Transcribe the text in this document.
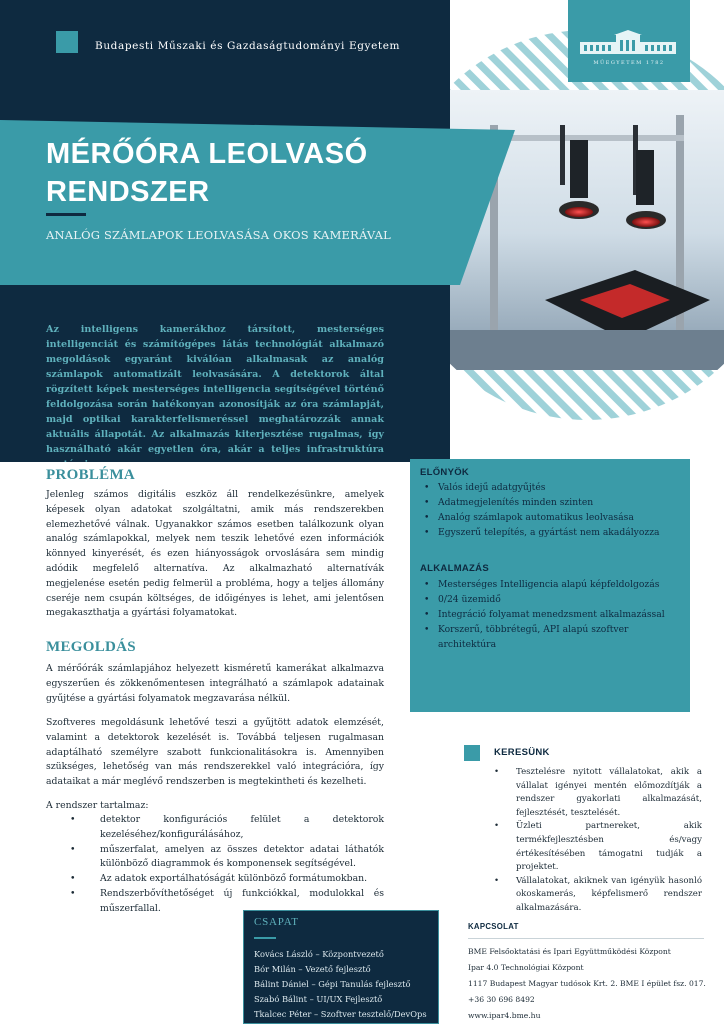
Budapesti Műszaki és Gazdaságtudományi Egyetem
MŰEGYETEM 1782
MÉRŐÓRA LEOLVASÓ
RENDSZER
ANALÓG SZÁMLAPOK LEOLVASÁSA OKOS KAMERÁVAL
Az intelligens kamerákhoz társított, mesterséges intelligenciát és számítógépes látás technológiát alkalmazó megoldások egyaránt kiválóan alkalmasak az analóg számlapok automatizált leolvasására. A detektorok által rögzített képek mesterséges intelligencia segítségével történő feldolgozása során hatékonyan azonosítják az óra számlapját, majd optikai karakterfelismeréssel meghatározzák annak aktuális állapotát. Az alkalmazás kiterjesztése rugalmas, így használható akár egyetlen óra, akár a teljes infrastruktúra
PROBLÉMA
Jelenleg számos digitális eszköz áll rendelkezésünkre, amelyek képesek olyan adatokat szolgáltatni, amik más rendszerekben elemezhetővé válnak. Ugyanakkor számos esetben találkozunk olyan analóg számlapokkal, melyek nem teszik lehetővé ezen információk könnyed kinyerését, és ezen hiányosságok orvoslására sem mindig adódik megfelelő alternatíva. Az alkalmazható alternatívák megjelenése esetén pedig felmerül a probléma, hogy a teljes állomány cseréje nem csupán költséges, de időigényes is lehet, ami jelentősen megakaszthatja a gyártási folyamatokat.
MEGOLDÁS
A mérőórák számlapjához helyezett kisméretű kamerákat alkalmazva egyszerűen és zökkenőmentesen integrálható a számlapok adatainak gyűjtése a gyártási folyamatok megzavarása nélkül.
Szoftveres megoldásunk lehetővé teszi a gyűjtött adatok elemzését, valamint a detektorok kezelését is. Továbbá teljesen rugalmasan adaptálható személyre szabott funkcionalitásokra is. Amennyiben szükséges, lehetőség van más rendszerekkel való integrációra, így adataikat a már meglévő rendszerben is megtekintheti és kezelheti.
A rendszer tartalmaz:
• detektor konfigurációs felület a detektorok kezeléséhez/konfigurálásához,
• műszerfalat, amelyen az összes detektor adatai láthatók különböző diagrammok és komponensek segítségével.
• Az adatok exportálhatóságát különböző formátumokban.
• Rendszerbővíthetőséget új funkciókkal, modulokkal és műszerfallal.
CSAPAT
Kovács László – Központvezető
Bór Milán – Vezető fejlesztő
Bálint Dániel – Gépi Tanulás fejlesztő
Szabó Bálint – UI/UX Fejlesztő
Tkalcec Péter – Szoftver tesztelő/DevOps
ELŐNYÖK
• Valós idejű adatgyűjtés
• Adatmegjelenítés minden szinten
• Analóg számlapok automatikus leolvasása
• Egyszerű telepítés, a gyártást nem akadályozza
ALKALMAZÁS
• Mesterséges Intelligencia alapú képfeldolgozás
• 0/24 üzemidő
• Integráció folyamat menedzsment alkalmazással
• Korszerű, többrétegű, API alapú szoftver architektúra
KERESÜNK
• Tesztelésre nyitott vállalatokat, akik a vállalat igényei mentén előmozdítják a rendszer gyakorlati alkalmazását, fejlesztését, tesztelését.
• Üzleti partnereket, akik termékfejlesztésben és/vagy értékesítésében támogatni tudják a projektet.
• Vállalatokat, akiknek van igényük hasonló okoskamerás, képfelismerő rendszer alkalmazására.
KAPCSOLAT
BME Felsőoktatási és Ipari Együttműködési Központ
Ipar 4.0 Technológiai Központ
1117 Budapest Magyar tudósok Krt. 2. BME I épület fsz. 017.
+36 30 696 8492
www.ipar4.bme.hu
